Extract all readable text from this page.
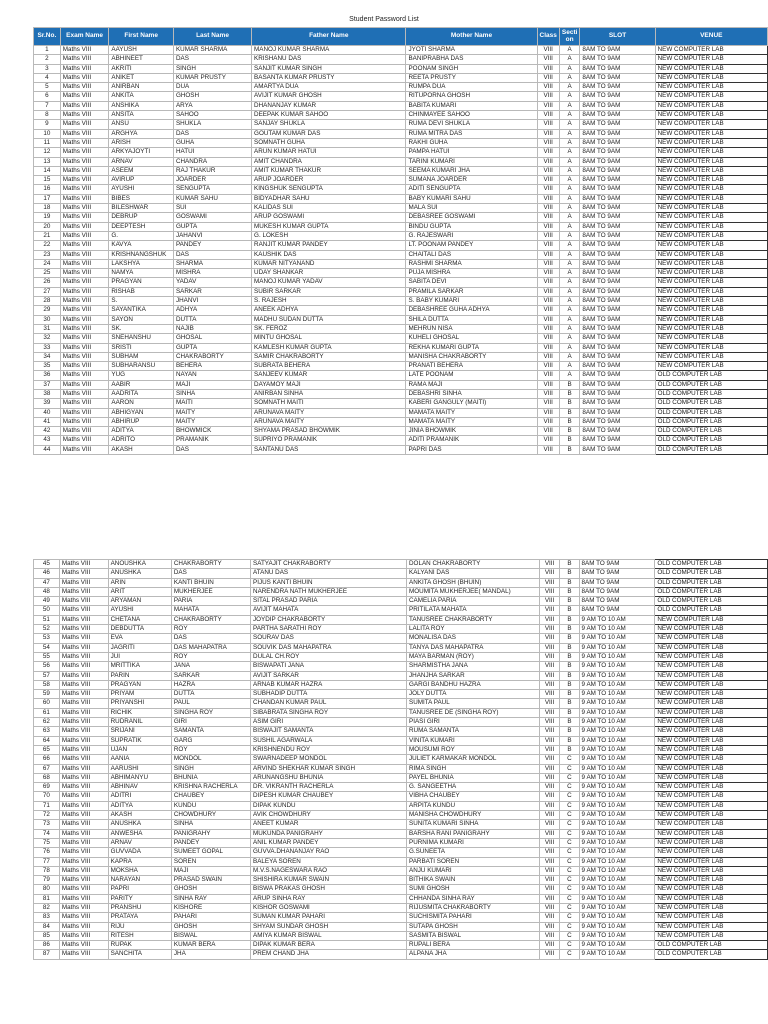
Student Password List
Sr.No.	Exam Name	First Name	Last Name	Father Name	Mother Name	Class	Secti on	SLOT	VENUE
1	Maths VIII	AAYUSH	KUMAR SHARMA	MANOJ KUMAR SHARMA	JYOTI SHARMA	VIII	A	8AM TO 9AM	NEW COMPUTER LAB
2	Maths VIII	ABHINEET	DAS	KRISHANU DAS	BANIPRABHA DAS	VIII	A	8AM TO 9AM	NEW COMPUTER LAB
3	Maths VIII	AKRITI	SINGH	SANJIT KUMAR SINGH	POONAM SINGH	VIII	A	8AM TO 9AM	NEW COMPUTER LAB
4	Maths VIII	ANIKET	KUMAR PRUSTY	BASANTA KUMAR PRUSTY	REETA PRUSTY	VIII	A	8AM TO 9AM	NEW COMPUTER LAB
5	Maths VIII	ANIRBAN	DUA	AMARTYA DUA	RUMPA DUA	VIII	A	8AM TO 9AM	NEW COMPUTER LAB
6	Maths VIII	ANKITA	GHOSH	AVIJIT KUMAR GHOSH	RITUPORNA GHOSH	VIII	A	8AM TO 9AM	NEW COMPUTER LAB
7	Maths VIII	ANSHIKA	ARYA	DHANANJAY KUMAR	BABITA KUMARI	VIII	A	8AM TO 9AM	NEW COMPUTER LAB
8	Maths VIII	ANSITA	SAHOO	DEEPAK KUMAR SAHOO	CHINMAYEE SAHOO	VIII	A	8AM TO 9AM	NEW COMPUTER LAB
9	Maths VIII	ANSU	SHUKLA	SANJAY SHUKLA	RUMA DEVI SHUKLA	VIII	A	8AM TO 9AM	NEW COMPUTER LAB
10	Maths VIII	ARGHYA	DAS	GOUTAM KUMAR DAS	RUMA MITRA DAS	VIII	A	8AM TO 9AM	NEW COMPUTER LAB
11	Maths VIII	ARISH	GUHA	SOMNATH GUHA	RAKHI GUHA	VIII	A	8AM TO 9AM	NEW COMPUTER LAB
12	Maths VIII	ARKYAJOYTI	HATUI	ARUN KUMAR HATUI	PAMPA HATUI	VIII	A	8AM TO 9AM	NEW COMPUTER LAB
13	Maths VIII	ARNAV	CHANDRA	AMIT CHANDRA	TARINI KUMARI	VIII	A	8AM TO 9AM	NEW COMPUTER LAB
14	Maths VIII	ASEEM	RAJ THAKUR	AMIT KUMAR THAKUR	SEEMA KUMARI JHA	VIII	A	8AM TO 9AM	NEW COMPUTER LAB
15	Maths VIII	AVIRUP	JOARDER	ARUP JOARDER	SUMANA JOARDER	VIII	A	8AM TO 9AM	NEW COMPUTER LAB
16	Maths VIII	AYUSHI	SENGUPTA	KINGSHUK SENGUPTA	ADITI SENGUPTA	VIII	A	8AM TO 9AM	NEW COMPUTER LAB
17	Maths VIII	BIBES	KUMAR SAHU	BIDYADHAR SAHU	BABY KUMARI SAHU	VIII	A	8AM TO 9AM	NEW COMPUTER LAB
18	Maths VIII	BILESHWAR	SUI	KALIDAS SUI	MALA SUI	VIII	A	8AM TO 9AM	NEW COMPUTER LAB
19	Maths VIII	DEBRUP	GOSWAMI	ARUP GOSWAMI	DEBASREE GOSWAMI	VIII	A	8AM TO 9AM	NEW COMPUTER LAB
20	Maths VIII	DEEPTESH	GUPTA	MUKESH KUMAR GUPTA	BINDU GUPTA	VIII	A	8AM TO 9AM	NEW COMPUTER LAB
21	Maths VIII	G.	JAHANVI	G. LOKESH	G. RAJESWARI	VIII	A	8AM TO 9AM	NEW COMPUTER LAB
22	Maths VIII	KAVYA	PANDEY	RANJIT KUMAR PANDEY	LT. POONAM PANDEY	VIII	A	8AM TO 9AM	NEW COMPUTER LAB
23	Maths VIII	KRISHNANGSHUK	DAS	KAUSHIK DAS	CHAITALI DAS	VIII	A	8AM TO 9AM	NEW COMPUTER LAB
24	Maths VIII	LAKSHYA	SHARMA	KUMAR NITYANAND	RASHMI SHARMA	VIII	A	8AM TO 9AM	NEW COMPUTER LAB
25	Maths VIII	NAMYA	MISHRA	UDAY SHANKAR	PUJA MISHRA	VIII	A	8AM TO 9AM	NEW COMPUTER LAB
26	Maths VIII	PRAGYAN	YADAV	MANOJ KUMAR YADAV	SABITA DEVI	VIII	A	8AM TO 9AM	NEW COMPUTER LAB
27	Maths VIII	RISHAB	SARKAR	SUBIR SARKAR	PRAMILA SARKAR	VIII	A	8AM TO 9AM	NEW COMPUTER LAB
28	Maths VIII	S.	JHANVI	S. RAJESH	S. BABY KUMARI	VIII	A	8AM TO 9AM	NEW COMPUTER LAB
29	Maths VIII	SAYANTIKA	ADHYA	ANEEK ADHYA	DEBASHREE GUHA ADHYA	VIII	A	8AM TO 9AM	NEW COMPUTER LAB
30	Maths VIII	SAYON	DUTTA	MADHU SUDAN DUTTA	SHILA DUTTA	VIII	A	8AM TO 9AM	NEW COMPUTER LAB
31	Maths VIII	SK.	NAJIB	SK. FEROZ	MEHRUN NISA	VIII	A	8AM TO 9AM	NEW COMPUTER LAB
32	Maths VIII	SNEHANSHU	GHOSAL	MINTU GHOSAL	KUHELI GHOSAL	VIII	A	8AM TO 9AM	NEW COMPUTER LAB
33	Maths VIII	SRISTI	GUPTA	KAMLESH KUMAR GUPTA	REKHA KUMARI GUPTA	VIII	A	8AM TO 9AM	NEW COMPUTER LAB
34	Maths VIII	SUBHAM	CHAKRABORTY	SAMIR CHAKRABORTY	MANISHA CHAKRABORTY	VIII	A	8AM TO 9AM	NEW COMPUTER LAB
35	Maths VIII	SUBHARANSU	BEHERA	SUBRATA BEHERA	PRANATI BEHERA	VIII	A	8AM TO 9AM	NEW COMPUTER LAB
36	Maths VIII	YUG	NAYAN	SANJEEV KUMAR	LATE POONAM	VIII	A	8AM TO 9AM	OLD COMPUTER LAB
37	Maths VIII	AABIR	MAJI	DAYAMOY MAJI	RAMA MAJI	VIII	B	8AM TO 9AM	OLD COMPUTER LAB
38	Maths VIII	AADRITA	SINHA	ANIRBAN SINHA	DEBASHRI SINHA	VIII	B	8AM TO 9AM	OLD COMPUTER LAB
39	Maths VIII	AARON	MAITI	SOMNATH MAITI	KABERI GANGULY (MAITI)	VIII	B	8AM TO 9AM	OLD COMPUTER LAB
40	Maths VIII	ABHIGYAN	MAITY	ARUNAVA MAITY	MAMATA MAITY	VIII	B	8AM TO 9AM	OLD COMPUTER LAB
41	Maths VIII	ABHIRUP	MAITY	ARUNAVA MAITY	MAMATA MAITY	VIII	B	8AM TO 9AM	OLD COMPUTER LAB
42	Maths VIII	ADITYA	BHOWMICK	SHYAMA PRASAD BHOWMIK	JINIA BHOWMIK	VIII	B	8AM TO 9AM	OLD COMPUTER LAB
43	Maths VIII	ADRITO	PRAMANIK	SUPRIYO PRAMANIK	ADITI PRAMANIK	VIII	B	8AM TO 9AM	OLD COMPUTER LAB
44	Maths VIII	AKASH	DAS	SANTANU DAS	PAPRI DAS	VIII	B	8AM TO 9AM	OLD COMPUTER LAB
45	Maths VIII	ANOUSHKA	CHAKRABORTY	SATYAJIT CHAKRABORTY	DOLAN CHAKRABORTY	VIII	B	8AM TO 9AM	OLD COMPUTER LAB
46	Maths VIII	ANUSHKA	DAS	ATANU DAS	KALYANI DAS	VIII	B	8AM TO 9AM	OLD COMPUTER LAB
47	Maths VIII	ARIN	KANTI BHUIN	PIJUS KANTI BHUIN	ANKITA GHOSH (BHUIN)	VIII	B	8AM TO 9AM	OLD COMPUTER LAB
48	Maths VIII	ARIT	MUKHERJEE	NARENDRA NATH MUKHERJEE	MOUMITA MUKHERJEE( MANDAL)	VIII	B	8AM TO 9AM	OLD COMPUTER LAB
49	Maths VIII	ARYAMAN	PARIA	SITAL PRASAD PARIA	CAMELIA PARIA	VIII	B	8AM TO 9AM	OLD COMPUTER LAB
50	Maths VIII	AYUSHI	MAHATA	AVIJIT MAHATA	PRITILATA MAHATA	VIII	B	8AM TO 9AM	OLD COMPUTER LAB
51	Maths VIII	CHETANA	CHAKRABORTY	JOYDIP CHAKRABORTY	TANUSREE CHAKRABORTY	VIII	B	9 AM TO 10 AM	NEW COMPUTER LAB
52	Maths VIII	DEBDUTTA	ROY	PARTHA SARATHI ROY	LALITA ROY	VIII	B	9 AM TO 10 AM	NEW COMPUTER LAB
53	Maths VIII	EVA	DAS	SOURAV DAS	MONALISA DAS	VIII	B	9 AM TO 10 AM	NEW COMPUTER LAB
54	Maths VIII	JAGRITI	DAS MAHAPATRA	SOUVIK DAS MAHAPATRA	TANYA DAS MAHAPATRA	VIII	B	9 AM TO 10 AM	NEW COMPUTER LAB
55	Maths VIII	JUI	ROY	DULAL CH.ROY	MAYA BARMAN (ROY)	VIII	B	9 AM TO 10 AM	NEW COMPUTER LAB
56	Maths VIII	MRITTIKA	JANA	BISWAPATI JANA	SHARMISTHA JANA	VIII	B	9 AM TO 10 AM	NEW COMPUTER LAB
57	Maths VIII	PARIN	SARKAR	AVIJIT SARKAR	JHANJHA SARKAR	VIII	B	9 AM TO 10 AM	NEW COMPUTER LAB
58	Maths VIII	PRAGYAN	HAZRA	ARNAB KUMAR HAZRA	GARGI BANDHU HAZRA	VIII	B	9 AM TO 10 AM	NEW COMPUTER LAB
59	Maths VIII	PRIYAM	DUTTA	SUBHADIP DUTTA	JOLY DUTTA	VIII	B	9 AM TO 10 AM	NEW COMPUTER LAB
60	Maths VIII	PRIYANSHI	PAUL	CHANDAN KUMAR PAUL	SUMITA PAUL	VIII	B	9 AM TO 10 AM	NEW COMPUTER LAB
61	Maths VIII	RICHIK	SINGHA ROY	SIBABRATA SINGHA ROY	TANUSREE DE (SINGHA ROY)	VIII	B	9 AM TO 10 AM	NEW COMPUTER LAB
62	Maths VIII	RUDRANIL	GIRI	ASIM GIRI	PIASI GIRI	VIII	B	9 AM TO 10 AM	NEW COMPUTER LAB
63	Maths VIII	SRIJANI	SAMANTA	BISWAJIT SAMANTA	RUMA SAMANTA	VIII	B	9 AM TO 10 AM	NEW COMPUTER LAB
64	Maths VIII	SUPRATIK	GARG	SUSHIL AGARWALA	VINITA KUMARI	VIII	B	9 AM TO 10 AM	NEW COMPUTER LAB
65	Maths VIII	UJAN	ROY	KRISHNENDU ROY	MOUSUMI ROY	VIII	B	9 AM TO 10 AM	NEW COMPUTER LAB
66	Maths VIII	AANIA	MONDOL	SWARNADEEP MONDOL	JULIET KARMAKAR MONDOL	VIII	C	9 AM TO 10 AM	NEW COMPUTER LAB
67	Maths VIII	AARUSHI	SINGH	ARVIND SHEKHAR KUMAR SINGH	RIMA SINGH	VIII	C	9 AM TO 10 AM	NEW COMPUTER LAB
68	Maths VIII	ABHIMANYU	BHUNIA	ARUNANGSHU BHUNIA	PAYEL BHUNIA	VIII	C	9 AM TO 10 AM	NEW COMPUTER LAB
69	Maths VIII	ABHINAV	KRISHNA RACHERLA	DR. VIKRANTH RACHERLA	G. SANGEETHA	VIII	C	9 AM TO 10 AM	NEW COMPUTER LAB
70	Maths VIII	ADITRI	CHAUBEY	DIPESH KUMAR CHAUBEY	VIBHA CHAUBEY	VIII	C	9 AM TO 10 AM	NEW COMPUTER LAB
71	Maths VIII	ADITYA	KUNDU	DIPAK KUNDU	ARPITA KUNDU	VIII	C	9 AM TO 10 AM	NEW COMPUTER LAB
72	Maths VIII	AKASH	CHOWDHURY	AVIK CHOWDHURY	MANISHA CHOWDHURY	VIII	C	9 AM TO 10 AM	NEW COMPUTER LAB
73	Maths VIII	ANUSHKA	SINHA	ANEET KUMAR	SUNITA KUMARI SINHA	VIII	C	9 AM TO 10 AM	NEW COMPUTER LAB
74	Maths VIII	ANWESHA	PANIGRAHY	MUKUNDA PANIGRAHY	BARSHA RANI PANIGRAHY	VIII	C	9 AM TO 10 AM	NEW COMPUTER LAB
75	Maths VIII	ARNAV	PANDEY	ANIL KUMAR PANDEY	PURNIMA KUMARI	VIII	C	9 AM TO 10 AM	NEW COMPUTER LAB
76	Maths VIII	GUVVADA	SUMEET GOPAL	GUVVA.DHANANJAY RAO	G.SUNEETA	VIII	C	9 AM TO 10 AM	NEW COMPUTER LAB
77	Maths VIII	KAPRA	SOREN	BALEYA SOREN	PARBATI SOREN	VIII	C	9 AM TO 10 AM	NEW COMPUTER LAB
78	Maths VIII	MOKSHA	MAJI	M.V.S.NAGESWARA RAO	ANJU KUMARI	VIII	C	9 AM TO 10 AM	NEW COMPUTER LAB
79	Maths VIII	NARAYAN	PRASAD SWAIN	SHISHIRA KUMAR SWAIN	BITHIKA SWAIN	VIII	C	9 AM TO 10 AM	NEW COMPUTER LAB
80	Maths VIII	PAPRI	GHOSH	BISWA PRAKAS GHOSH	SUMI GHOSH	VIII	C	9 AM TO 10 AM	NEW COMPUTER LAB
81	Maths VIII	PARITY	SINHA RAY	ARUP SINHA RAY	CHHANDA SINHA RAY	VIII	C	9 AM TO 10 AM	NEW COMPUTER LAB
82	Maths VIII	PRANSHU	KISHORE	KISHOR GOSWAMI	RIJUSMITA CHAKRABORTY	VIII	C	9 AM TO 10 AM	NEW COMPUTER LAB
83	Maths VIII	PRATAYA	PAHARI	SUMAN KUMAR PAHARI	SUCHISMITA PAHARI	VIII	C	9 AM TO 10 AM	NEW COMPUTER LAB
84	Maths VIII	RIJU	GHOSH	SHYAM SUNDAR GHOSH	SUTAPA GHOSH	VIII	C	9 AM TO 10 AM	NEW COMPUTER LAB
85	Maths VIII	RITESH	BISWAL	AMIYA KUMAR BISWAL	SASMITA BISWAL	VIII	C	9 AM TO 10 AM	NEW COMPUTER LAB
86	Maths VIII	RUPAK	KUMAR BERA	DIPAK KUMAR BERA	RUPALI BERA	VIII	C	9 AM TO 10 AM	OLD COMPUTER LAB
87	Maths VIII	SANCHITA	JHA	PREM CHAND JHA	ALPANA JHA	VIII	C	9 AM TO 10 AM	OLD COMPUTER LAB
